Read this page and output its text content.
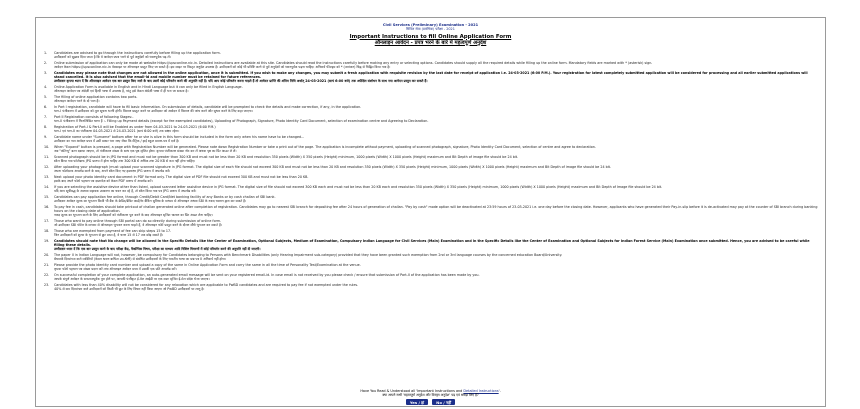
Civil Services (Preliminary) Examination - 2021
सिविल सेवा (प्रारंभिक) परीक्षा - 2021
Important Instructions to fill Online Application Form
ऑनलाइन आवेदन - प्रपत्र भरने के बारे में महत्वपूर्ण अनुदेश
1.	Candidates are advised to go through the instructions carefully before filling up the application form.
उम्मीदवारों को सुझाव दिया जाता है कि वे आवेदन प्रपत्र भरने से पूर्व अनुदेशों को ध्यानपूर्वक पढ़ लें।
2.	Online submission of application can only be made at website https://upsconline.nic.in. Detailed instructions are available at this site. Candidates should read the instructions carefully before making any entry or selecting options. Candidates should supply all the required details while filling up the online form. Mandatory fields are marked with * (asterisk) sign.
आवेदन केवल https://upsconline.nic.in वेबसाइट पर ऑनलाइन प्रस्तुत किए जा सकते हैं। इस साइट पर विस्तृत अनुदेश उपलब्ध हैं। उम्मीदवारों को कोई भी प्रविष्टि करने से पूर्व अनुदेशों को ध्यानपूर्वक पढ़ना चाहिए। अनिवार्य फील्ड्स को * (तारांकन) चिह्न से चिह्नित किया गया है।
3.	Candidates may please note that changes are not allowed in the online application, once it is submitted. If you wish to make any changes, you may submit a fresh application with requisite revision by the last date for receipt of application i.e. 24-03-2021 (6:00 P.M.). Your registration for latest completely submitted application will be considered for processing and all earlier submitted applications will stand cancelled. It is also advised that the email-id and mobile number must be retained for future references.
उम्मीदवार कृपया ध्यान दें कि ऑनलाइन आवेदन एक बार प्रस्तुत किए जाने के बाद उसमें कोई परिवर्तन करने की अनुमति नहीं है। यदि आप कोई परिवर्तन करना चाहते हैं तो आवेदन प्राप्ति की अंतिम तिथि अर्थात् 24-03-2021 (सायं 6:00 बजे) तक अपेक्षित संशोधन के साथ नया आवेदन प्रस्तुत कर सकते हैं।
4.	Online Application Form is available in English and in Hindi Language but it can only be filled in English Language.
ऑनलाइन आवेदन पत्र अंग्रेज़ी एवं हिन्दी भाषा में उपलब्ध है, परंतु इसे केवल अंग्रेज़ी भाषा में ही भरा जा सकता है।
5.	The filling of online application contains two parts.
ऑनलाइन आवेदन भरने के दो भाग हैं।
6.	In Part I registration, candidate will have to fill basic information. On submission of details, candidate will be prompted to check the details and make correction, if any, in the application.
भाग-I पंजीकरण में उम्मीदवार को मूल सूचना भरनी होगी। विवरण प्रस्तुत करने पर उम्मीदवार को आवेदन में विवरण की जांच करने और सुधार करने के लिए कहा जाएगा।
7.	Part II Registration consists of following Stages:-
भाग-II पंजीकरण में निम्नलिखित चरण हैं :- Filling up Payment details (except for fee exempted candidates), Uploading of Photograph, Signature, Photo Identity Card Document, selection of examination centre and Agreeing to Declaration.
8.	Registration of Part-I & Part-II will be Enabled as under from 04-03-2021 to 24-03-2021 (6:00 P.M.)
भाग-I एवं भाग-II का पंजीकरण 04-03-2021 से 24-03-2021 (सायं 6:00 बजे) तक सक्षम रहेगा।
9.	Candidate name under "Surname" bottom after he or she is alive in this form should be included in the form only when his name have to be changed...
उम्मीदवार का नाम आवेदन प्रपत्र में उसी प्रकार भरा जाए जैसा कि मैट्रिक / हाई स्कूल प्रमाण-पत्र में दर्ज है।
10.	When "Expand" button is pressed, a page with Registration Number will be generated. Please note down Registration Number or take a print out of the page. The application is incomplete without payment, uploading of scanned photograph, signature, Photo Identity Card Document, selection of centre and agree to declaration.
जब "कंटिन्यू" बटन दबाया जाएगा, तो पंजीकरण संख्या के साथ एक पृष्ठ सृजित होगा। कृपया पंजीकरण संख्या नोट कर लें अथवा पृष्ठ का प्रिंट आउट ले लें।
11.	Scanned photograph should be in JPG format and must not be greater than 300 KB and must not be less than 20 KB and resolution 350 pixels (Width) X 350 pixels (Height) minimum, 1000 pixels (Width) X 1000 pixels (Height) maximum and Bit Depth of image file should be 24 bit.
स्कैन किया गया फोटोग्राफ JPG प्रारूप में होना चाहिए तथा 300 KB से अधिक तथा 20 KB से कम नहीं होना चाहिए।
12.	After uploading your photograph (must upload your scanned signature in JPG format. The digital size of each file should not exceed 300 KB and must not be less than 20 KB and resolution 350 pixels (Width) X 350 pixels (Height) minimum, 1000 pixels (Width) X 1000 pixels (Height) maximum and Bit Depth of image file should be 24 bit.
अपना फोटोग्राफ अपलोड करने के बाद, अपने स्कैन किए गए हस्ताक्षर JPG प्रारूप में अपलोड करें।
13.	Next upload your photo identity card document in PDF format only. The digital size of PDF file should not exceed 300 KB and must not be less than 20 KB.
इसके बाद अपने फोटो पहचान पत्र दस्तावेज़ को केवल PDF प्रारूप में अपलोड करें।
14.	If you are selecting the assistive device other than listed, upload scanned letter assistive device in JPG format. The digital size of file should not exceed 300 KB each and must not be less than 20 KB each and resolution 350 pixels (Width) X 350 pixels (Height) minimum, 1000 pixels (Width) X 1000 pixels (Height) maximum and Bit Depth of Image file should be 24 bit.
यदि आप सूचीबद्ध के अलावा सहायक उपकरण का चयन कर रहे हैं, तो स्कैन किया गया पत्र JPG प्रारूप में अपलोड करें।
15.	Candidates can pay application fee online, through Credit/Debit Card/Net banking facility of any Banks or by cash challan of SBI bank.
उम्मीदवार आवेदन शुल्क का भुगतान किसी भी बैंक के क्रेडिट/डेबिट कार्ड/नेट बैंकिंग सुविधा के माध्यम से ऑनलाइन अथवा SBI के नकद चालान द्वारा कर सकते हैं।
16.	To pay fee in cash, candidates should take printout of challan generated online after completion of registration. Candidates may go to nearest SBI branch for depositing fee after 24 hours of generation of challan. "Pay by cash" mode option will be deactivated at 23:59 hours of 23-03-2021 i.e. one day before the closing date. However, applicants who have generated their Pay-in-slip before it is de-activated may pay at the counter of SBI branch during banking hours on the closing date of application.
नकद शुल्क का भुगतान करने के लिए उम्मीदवारों को पंजीकरण पूरा करने के बाद ऑनलाइन सृजित चालान का प्रिंट आउट लेना चाहिए।
17.	Those who want to pay online through SBI portal can do so directly during submission of online form.
जो उम्मीदवार SBI पोर्टल के माध्यम से ऑनलाइन भुगतान करना चाहते हैं, वे ऑनलाइन फॉर्म प्रस्तुत करने के दौरान सीधे भुगतान कर सकते हैं।
18.	Those who are exempted from payment of fee can skip steps 15 to 17.
जिन उम्मीदवारों को शुल्क के भुगतान से छूट प्राप्त है, वे चरण 15 से 17 तक छोड़ सकते हैं।
19.	Candidates should note that No change will be allowed in the Specific Details like the Center of Examination, Optional Subjects, Medium of Examination, Compulsory Indian Language for Civil Services (Main) Examination and in the Specific Details like the Center of Examination and Optional Subjects for Indian Forest Service (Main) Examination once submitted. Hence, you are advised to be careful while filling these details.
उम्मीदवार ध्यान दें कि एक बार प्रस्तुत करने के बाद परीक्षा केंद्र, वैकल्पिक विषय, परीक्षा का माध्यम आदि विशिष्ट विवरणों में कोई परिवर्तन करने की अनुमति नहीं दी जाएगी।
20.	The paper II in Indian Language will not, however, be compulsory for Candidates belonging to Persons with Benchmark Disabilities (only Hearing Impairment sub-category) provided that they have been granted such exemption from 2nd or 3rd language courses by the concerned education Board/University.
बेंचमार्क दिव्यांगता वाले व्यक्तियों (केवल श्रवण बाधिता उप-श्रेणी) से संबंधित उम्मीदवारों के लिए भारतीय भाषा का प्रश्न पत्र II अनिवार्य नहीं होगा।
21.	Please provide the photo identity card number and upload a copy of the same in Online Application Form and carry the same in all the time of Personality Test/Examination at the venue.
कृपया फोटो पहचान पत्र संख्या प्रदान करें तथा ऑनलाइन आवेदन प्रपत्र में उसकी एक प्रति अपलोड करें।
22.	On successful completion of your complete application, an auto-generated email message will be sent on your registered email-id. In case email is not received by you please check / ensure that submission of Part-II of the application has been made by you.
आपके संपूर्ण आवेदन के सफलतापूर्वक पूरा होने पर, आपकी पंजीकृत ई-मेल आईडी पर एक स्वतः सृजित ई-मेल संदेश भेजा जाएगा।
23.	Candidates with less than 40% disability will not be considered for any relaxation which are applicable to PwBD candidates and are required to pay fee if not exempted under the rules.
40% से कम दिव्यांगता वाले उम्मीदवारों को किसी भी छूट के लिए विचार नहीं किया जाएगा जो PwBD उम्मीदवारों पर लागू है।
Have You Read & Understood all 'Important Instructions and Detailed Instructions'.
क्या आपने सभी 'महत्वपूर्ण अनुदेश और विस्तृत अनुदेश' पढ़ एवं समझ लिए हैं?
Yes / हां	No / नहीं
